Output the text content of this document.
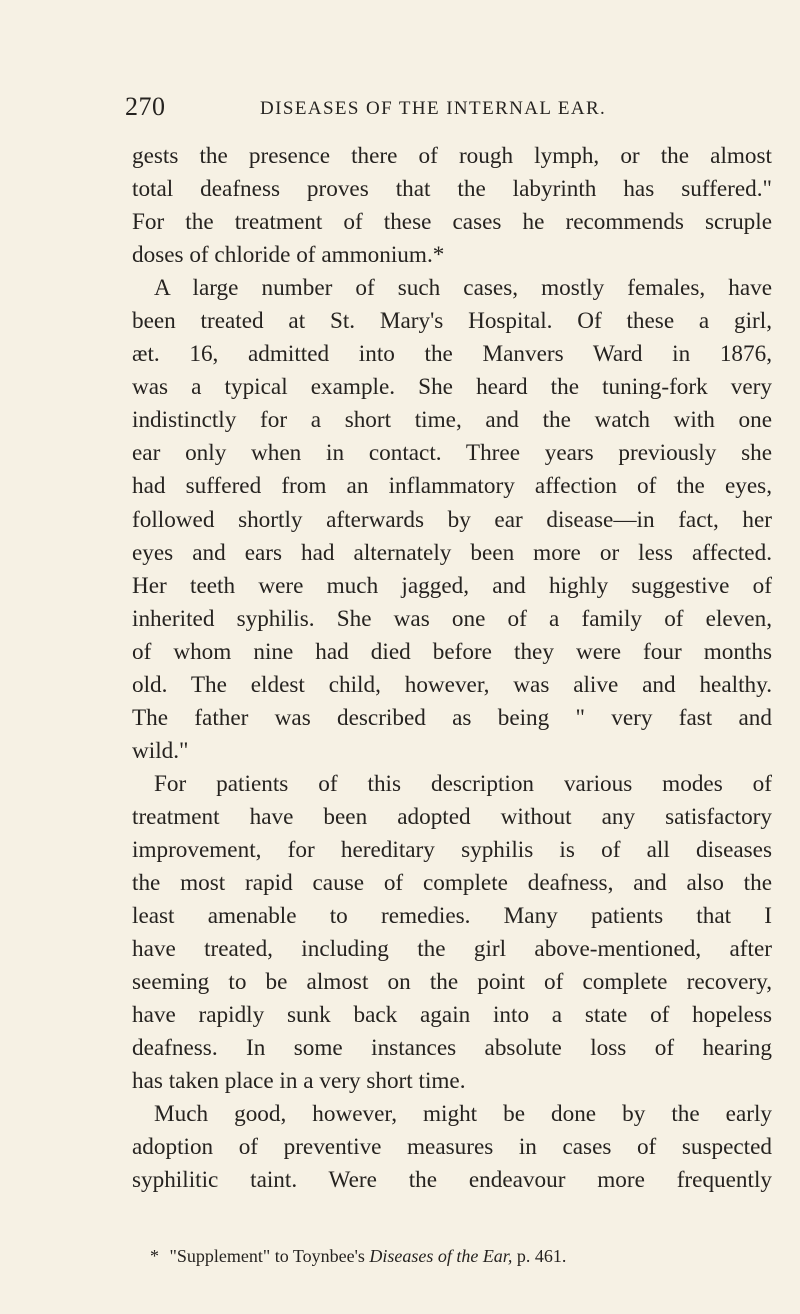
270	DISEASES OF THE INTERNAL EAR.
gests the presence there of rough lymph, or the almost
total deafness proves that the labyrinth has suffered."
For the treatment of these cases he recommends scruple
doses of chloride of ammonium.*
A large number of such cases, mostly females, have
been treated at St. Mary's Hospital. Of these a girl,
æt. 16, admitted into the Manvers Ward in 1876,
was a typical example. She heard the tuning-fork very
indistinctly for a short time, and the watch with one
ear only when in contact. Three years previously she
had suffered from an inflammatory affection of the eyes,
followed shortly afterwards by ear disease—in fact, her
eyes and ears had alternately been more or less affected.
Her teeth were much jagged, and highly suggestive of
inherited syphilis. She was one of a family of eleven,
of whom nine had died before they were four months
old. The eldest child, however, was alive and healthy.
The father was described as being " very fast and
wild."
For patients of this description various modes of
treatment have been adopted without any satisfactory
improvement, for hereditary syphilis is of all diseases
the most rapid cause of complete deafness, and also the
least amenable to remedies. Many patients that I
have treated, including the girl above-mentioned, after
seeming to be almost on the point of complete recovery,
have rapidly sunk back again into a state of hopeless
deafness. In some instances absolute loss of hearing
has taken place in a very short time.
Much good, however, might be done by the early
adoption of preventive measures in cases of suspected
syphilitic taint. Were the endeavour more frequently
* "Supplement" to Toynbee's Diseases of the Ear, p. 461.
